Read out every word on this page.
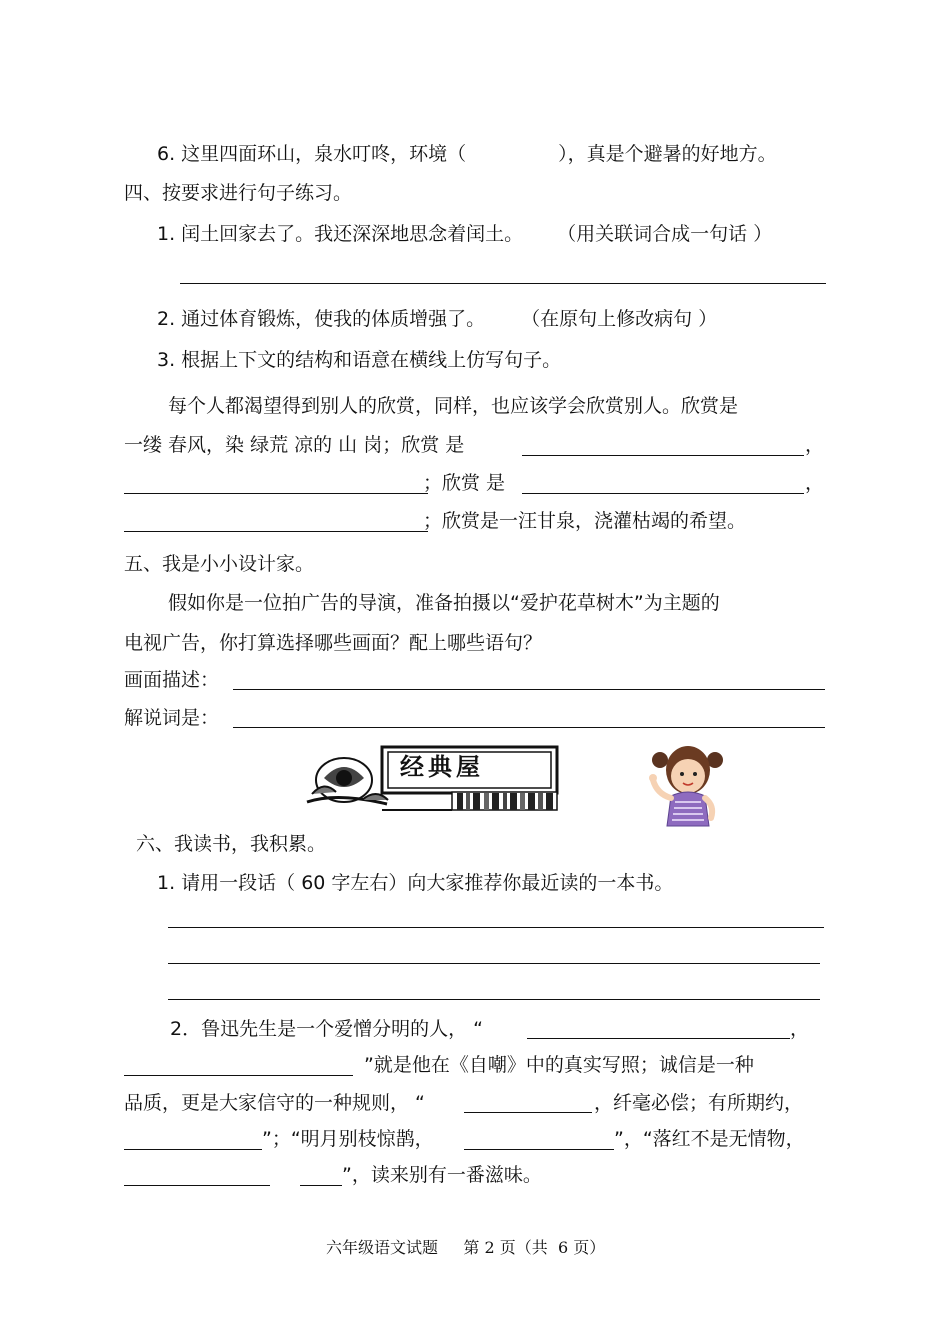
6. 这里四面环山，泉水叮咚，环境（	），真是个避暑的好地方。
四、按要求进行句子练习。
1. 闰土回家去了。我还深深地思念着闰土。 （用关联词合成一句话 ）
2. 通过体育锻炼，使我的体质增强了。 （在原句上修改病句 ）
3. 根据上下文的结构和语意在横线上仿写句子。
每个人都渴望得到别人的欣赏，同样，也应该学会欣赏别人。欣赏是
一缕 春风，染 绿荒 凉的 山 岗；欣赏 是	，
；欣赏 是	，
；欣赏是一汪甘泉，浇灌枯竭的希望。
五、我是小小设计家。
假如你是一位拍广告的导演，准备拍摄以“爱护花草树木”为主题的
电视广告，你打算选择哪些画面？配上哪些语句？
画面描述：
解说词是：
经典屋
六、我读书，我积累。
1. 请用一段话（ 60 字左右）向大家推荐你最近读的一本书。
2．鲁迅先生是一个爱憎分明的人， “	，
”就是他在《自嘲》中的真实写照；诚信是一种
品质，更是大家信守的一种规则， “	，纤毫必偿；有所期约，
”；“明月别枝惊鹊，	”，“落红不是无情物，
”，读来别有一番滋味。
六年级语文试题     第 2 页（共  6 页）
